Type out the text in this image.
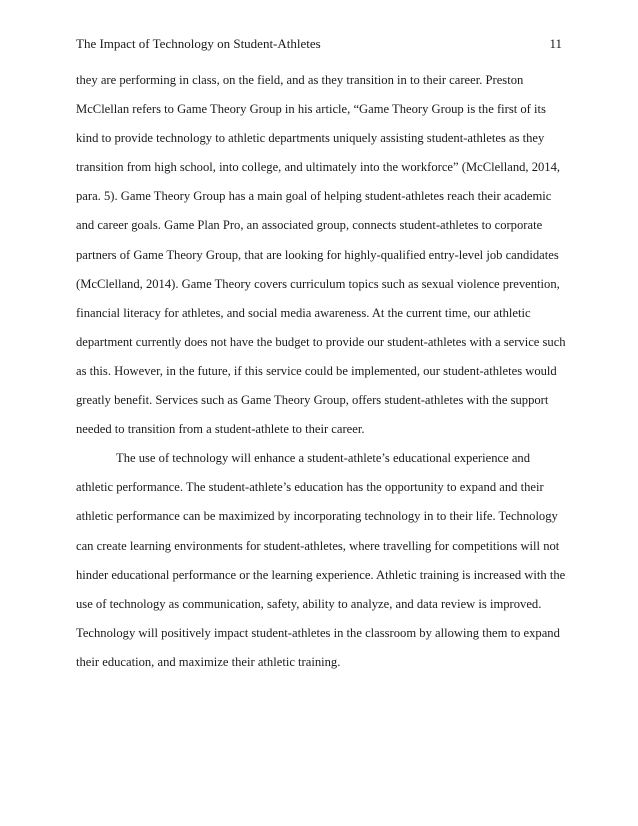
The Impact of Technology on Student-Athletes	11
they are performing in class, on the field, and as they transition in to their career. Preston
McClellan refers to Game Theory Group in his article, “Game Theory Group is the first of its
kind to provide technology to athletic departments uniquely assisting student-athletes as they
transition from high school, into college, and ultimately into the workforce” (McClelland, 2014,
para. 5). Game Theory Group has a main goal of helping student-athletes reach their academic
and career goals. Game Plan Pro, an associated group, connects student-athletes to corporate
partners of Game Theory Group, that are looking for highly-qualified entry-level job candidates
(McClelland, 2014). Game Theory covers curriculum topics such as sexual violence prevention,
financial literacy for athletes, and social media awareness. At the current time, our athletic
department currently does not have the budget to provide our student-athletes with a service such
as this. However, in the future, if this service could be implemented, our student-athletes would
greatly benefit. Services such as Game Theory Group, offers student-athletes with the support
needed to transition from a student-athlete to their career.
The use of technology will enhance a student-athlete’s educational experience and
athletic performance. The student-athlete’s education has the opportunity to expand and their
athletic performance can be maximized by incorporating technology in to their life. Technology
can create learning environments for student-athletes, where travelling for competitions will not
hinder educational performance or the learning experience. Athletic training is increased with the
use of technology as communication, safety, ability to analyze, and data review is improved.
Technology will positively impact student-athletes in the classroom by allowing them to expand
their education, and maximize their athletic training.
